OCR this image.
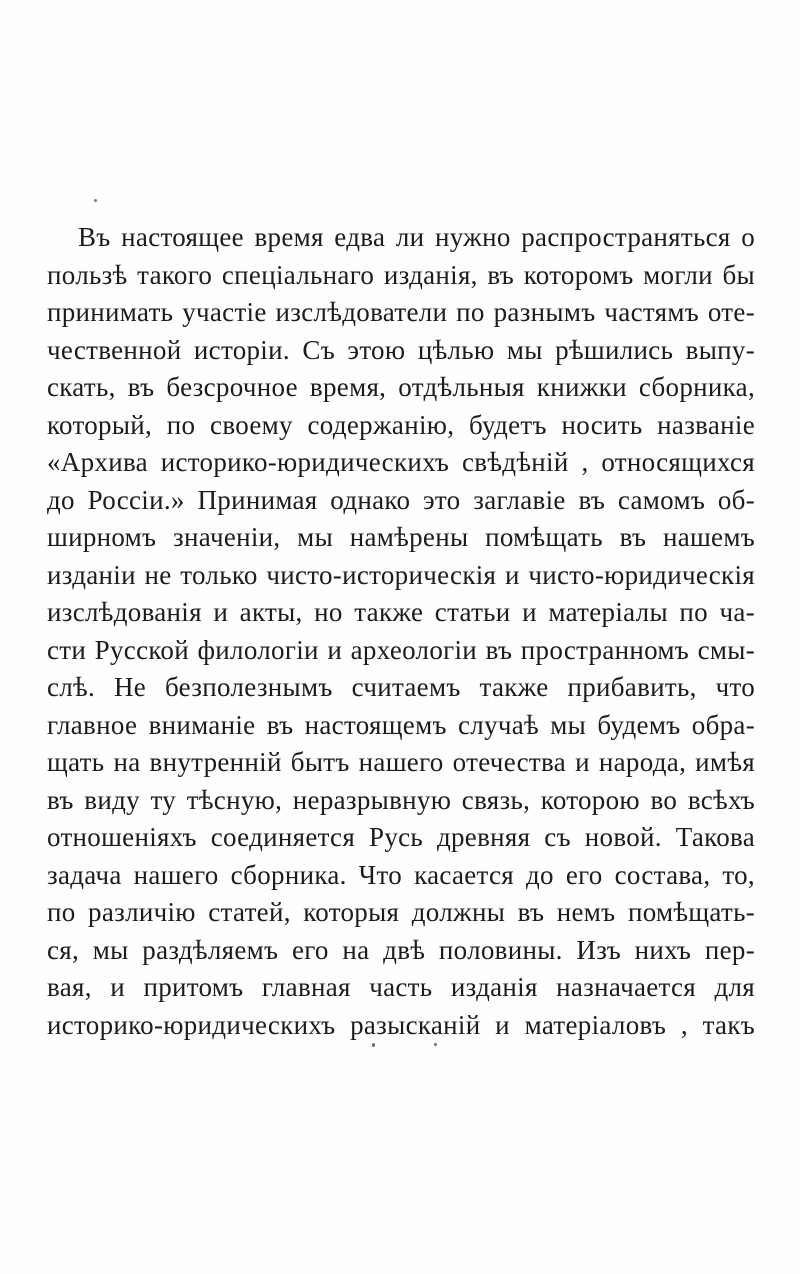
Въ настоящее время едва ли нужно распространяться о
пользѣ такого спеціальнаго изданія, въ которомъ могли бы
принимать участіе изслѣдователи по разнымъ частямъ оте-
чественной исторіи. Съ этою цѣлью мы рѣшились выпу-
скать, въ безсрочное время, отдѣльныя книжки сборника,
который, по своему содержанію, будетъ носить названіе
«Архива историко-юридическихъ свѣдѣній , относящихся
до Россіи.» Принимая однако это заглавіе въ самомъ об-
ширномъ значеніи, мы намѣрены помѣщать въ нашемъ
изданіи не только чисто-историческія и чисто-юридическія
изслѣдованія и акты, но также статьи и матеріалы по ча-
сти Русской филологіи и археологіи въ пространномъ смы-
слѣ. Не безполезнымъ считаемъ также прибавить, что
главное вниманіе въ настоящемъ случаѣ мы будемъ обра-
щать на внутренній бытъ нашего отечества и народа, имѣя
въ виду ту тѣсную, неразрывную связь, которою во всѣхъ
отношеніяхъ соединяется Русь древняя съ новой. Такова
задача нашего сборника. Что касается до его состава, то,
по различію статей, которыя должны въ немъ помѣщать-
ся, мы раздѣляемъ его на двѣ половины. Изъ нихъ пер-
вая, и притомъ главная часть изданія назначается для
историко-юридическихъ разысканій и матеріаловъ , такъ
